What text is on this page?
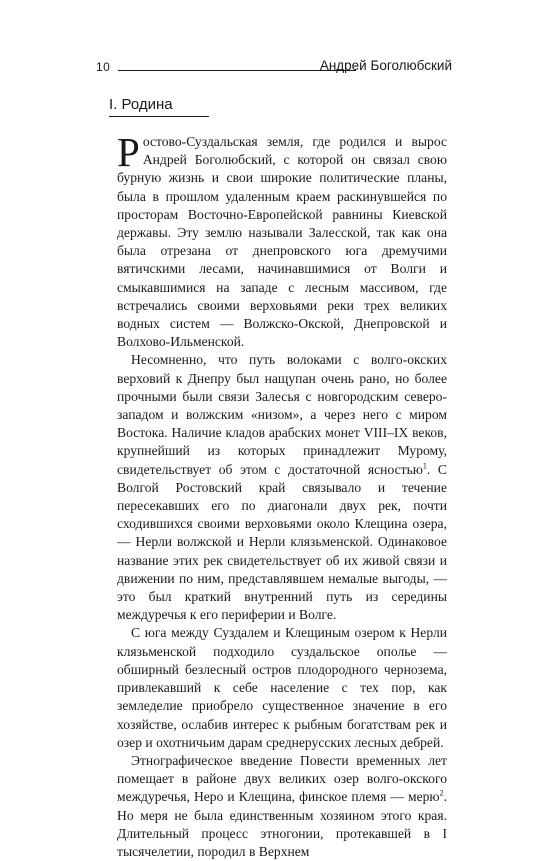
10	Андрей Боголюбский
I. Родина

Ростово-Суздальская земля, где родился и вырос Андрей Боголюбский, с которой он связал свою бурную жизнь и свои широкие политические планы, была в прошлом удаленным краем раскинувшейся по просторам Восточно-Европейской равнины Киевской державы. Эту землю называли Залесской, так как она была отрезана от днепровского юга дремучими вятичскими лесами, начинавшимися от Волги и смыкавшимися на западе с лесным массивом, где встречались своими верховьями реки трех великих водных систем — Волжско-Окской, Днепровской и Волхово-Ильменской.

Несомненно, что путь волоками с волго-окских верховий к Днепру был нащупан очень рано, но более прочными были связи Залесья с новгородским северо-западом и волжским «низом», а через него с миром Востока. Наличие кладов арабских монет VIII–IX веков, крупнейший из которых принадлежит Мурому, свидетельствует об этом с достаточной ясностью$^1$. С Волгой Ростовский край связывало и течение пересекавших его по диагонали двух рек, почти сходившихся своими верховьями около Клещина озера, — Нерли волжской и Нерли клязьменской. Одинаковое название этих рек свидетельствует об их живой связи и движении по ним, представлявшем немалые выгоды, — это был краткий внутренний путь из середины междуречья к его периферии и Волге.

С юга между Суздалем и Клещиным озером к Нерли клязьменской подходило суздальское ополье — обширный безлесный остров плодородного чернозема, привлекавший к себе население с тех пор, как земледелие приобрело существенное значение в его хозяйстве, ослабив интерес к рыбным богатствам рек и озер и охотничьим дарам среднерусских лесных дебрей.

Этнографическое введение Повести временных лет помещает в районе двух великих озер волго-окского междуречья, Неро и Клещина, финское племя — мерю$^2$. Но меря не была единственным хозяином этого края. Длительный процесс этногонии, протекавшей в I тысячелетии, породил в Верхнем
